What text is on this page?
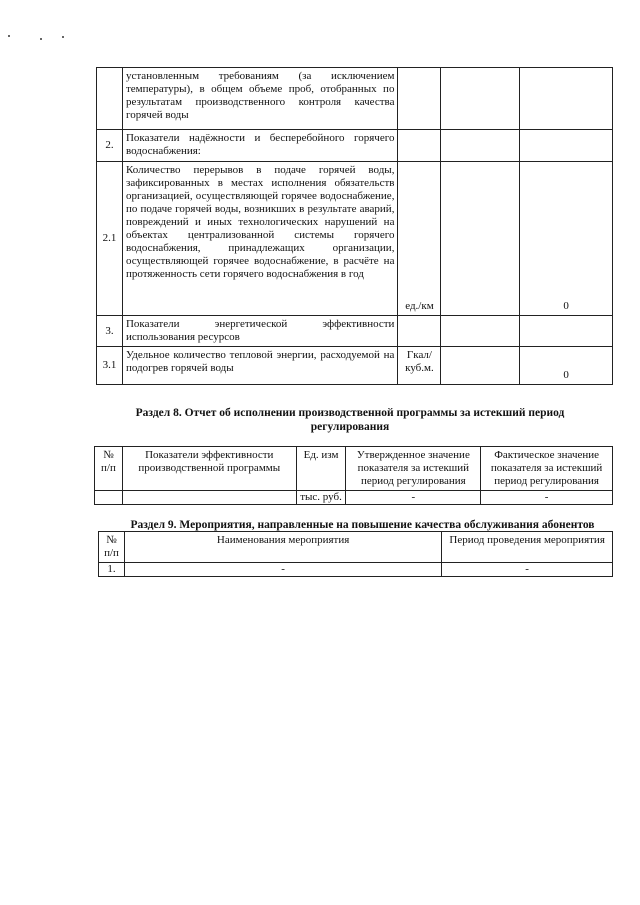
	установленным требованиям (за исключением температуры), в общем объеме проб, отобранных по результатам производственного контроля качества горячей воды			
2.	Показатели надёжности и бесперебойного горячего водоснабжения:			
2.1	Количество перерывов в подаче горячей воды, зафиксированных в местах исполнения обязательств организацией, осуществляющей горячее водоснабжение, по подаче горячей воды, возникших в результате аварий, повреждений и иных технологических нарушений на объектах централизованной системы горячего водоснабжения, принадлежащих организации, осуществляющей горячее водоснабжение, в расчёте на протяженность сети горячего водоснабжения в год	ед./км		0
3.	Показатели энергетической эффективности использования ресурсов			
3.1	Удельное количество тепловой энергии, расходуемой на подогрев горячей воды	Гкал/ куб.м.		0
Раздел 8. Отчет об исполнении производственной программы за истекший период регулирования
№ п/п	Показатели эффективности производственной программы	Ед. изм	Утвержденное значение показателя за истекший период регулирования	Фактическое значение показателя за истекший период регулирования
		тыс. руб.	-	-
Раздел 9. Мероприятия, направленные на повышение качества обслуживания абонентов
№ п/п	Наименования мероприятия	Период проведения мероприятия
1.	-	-
